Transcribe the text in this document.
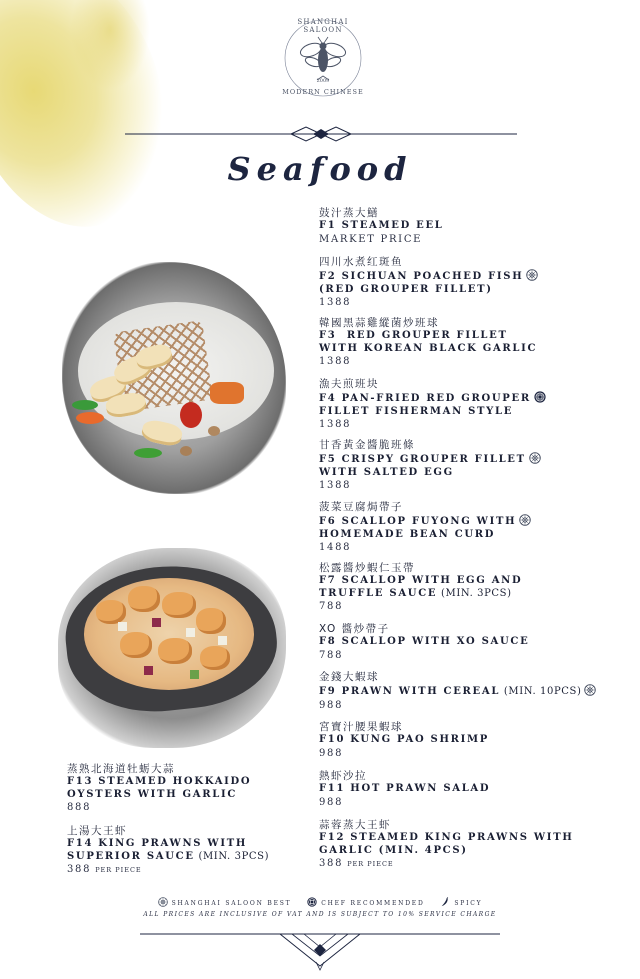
SHANGHAI SALOON
2009
MODERN CHINESE
Seafood
鼓汁蒸大鱔
F1 STEAMED EEL
MARKET PRICE
四川水煮红斑鱼
F2 SICHUAN POACHED FISH
(RED GROUPER FILLET)
1388
韓國黑蒜雞縱菌炒班球
F3  RED GROUPER FILLET
WITH KOREAN BLACK GARLIC
1388
漁夫煎班块
F4 PAN-FRIED RED GROUPER
FILLET FISHERMAN STYLE
1388
甘香黃金醬脆班條
F5 CRISPY GROUPER FILLET
WITH SALTED EGG
1388
菠菜豆腐焗帶子
F6 SCALLOP FUYONG WITH
HOMEMADE BEAN CURD
1488
松露醬炒蝦仁玉帶
F7 SCALLOP WITH EGG AND
TRUFFLE SAUCE (MIN. 3PCS)
788
XO 醬炒帶子
F8 SCALLOP WITH XO SAUCE
788
金錢大蝦球
F9 PRAWN WITH CEREAL (MIN. 10PCS)
988
宮寶汁腰果蝦球
F10 KUNG PAO SHRIMP
988
熱虾沙拉
F11 HOT PRAWN SALAD
988
蒜蓉蒸大王虾
F12 STEAMED KING PRAWNS WITH
GARLIC (MIN. 4PCS)
388 PER PIECE
蒸熟北海道牡蛎大蒜
F13 STEAMED HOKKAIDO
OYSTERS WITH GARLIC
888
上湯大王虾
F14 KING PRAWNS WITH
SUPERIOR SAUCE (MIN. 3PCS)
388 PER PIECE
SHANGHAI SALOON BEST	CHEF RECOMMENDED	SPICY
ALL PRICES ARE INCLUSIVE OF VAT AND IS SUBJECT TO 10% SERVICE CHARGE
